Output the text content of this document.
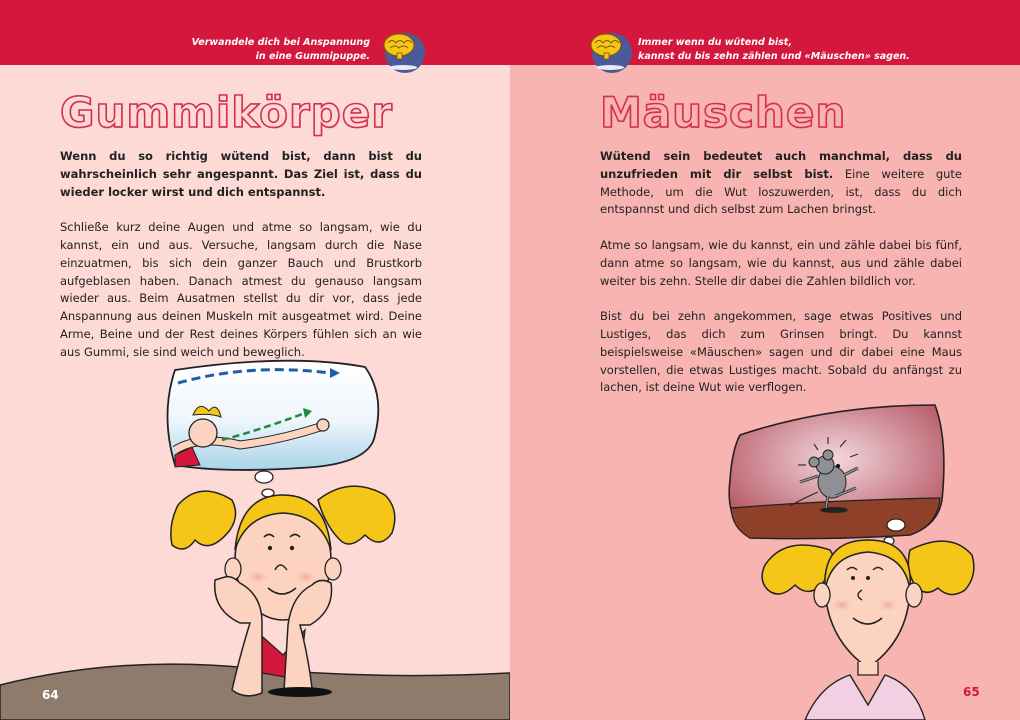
Verwandele dich bei Anspannung
in eine Gummipuppe.
Gummikörper

Wenn du so richtig wütend bist, dann bist du wahrscheinlich sehr angespannt. Das Ziel ist, dass du wieder locker wirst und dich entspannst.

Schließe kurz deine Augen und atme so langsam, wie du kannst, ein und aus. Versuche, langsam durch die Nase einzuatmen, bis sich dein ganzer Bauch und Brustkorb aufgeblasen haben. Danach atmest du genauso langsam wieder aus. Beim Ausatmen stellst du dir vor, dass jede Anspannung aus deinen Muskeln mit ausgeatmet wird. Deine Arme, Beine und der Rest deines Körpers fühlen sich an wie aus Gummi, sie sind weich und beweglich.

64
Immer wenn du wütend bist,
kannst du bis zehn zählen und «Mäuschen» sagen.
Mäuschen

Wütend sein bedeutet auch manchmal, dass du unzufrieden mit dir selbst bist. Eine weitere gute Methode, um die Wut loszuwerden, ist, dass du dich entspannst und dich selbst zum Lachen bringst.

Atme so langsam, wie du kannst, ein und zähle dabei bis fünf, dann atme so langsam, wie du kannst, aus und zähle dabei weiter bis zehn. Stelle dir dabei die Zahlen bildlich vor.

Bist du bei zehn angekommen, sage etwas Positives und Lustiges, das dich zum Grinsen bringt. Du kannst beispielsweise «Mäuschen» sagen und dir dabei eine Maus vorstellen, die etwas Lustiges macht. Sobald du anfängst zu lachen, ist deine Wut wie verflogen.

65
